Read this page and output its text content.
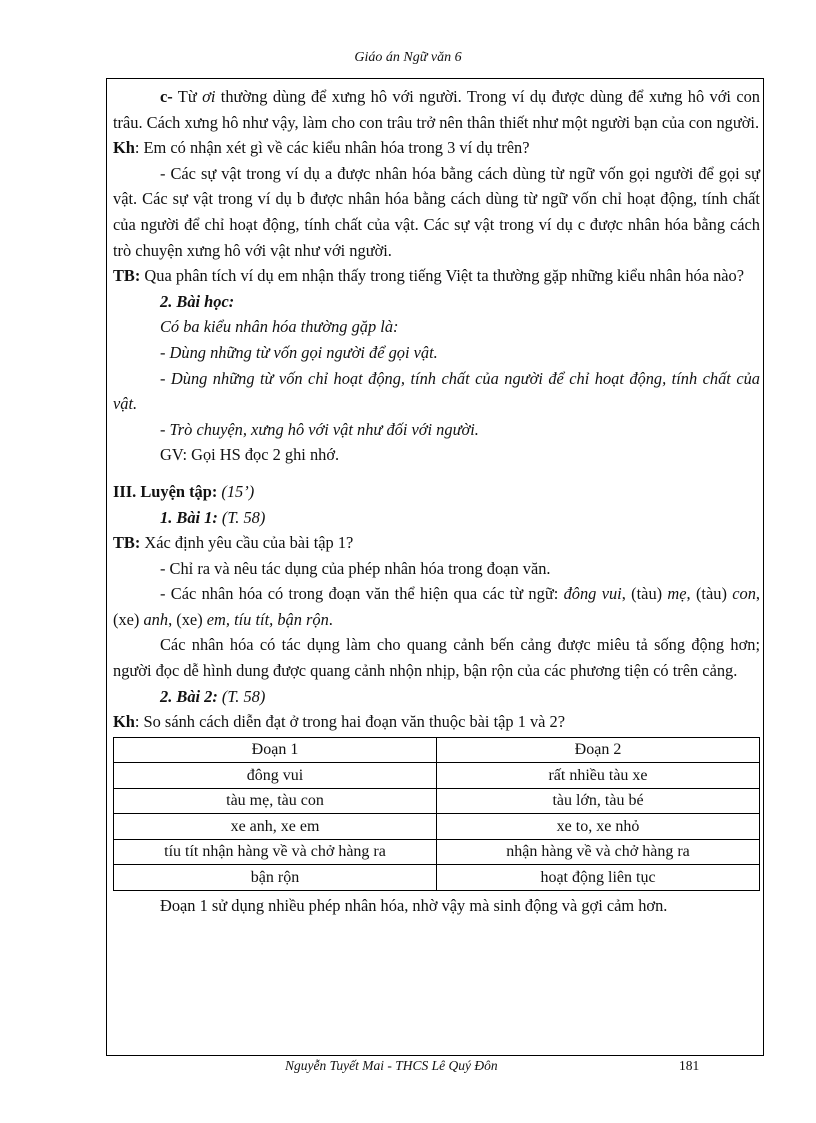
Giáo án Ngữ văn 6

c- Từ ơi thường dùng để xưng hô với người. Trong ví dụ được dùng để xưng hô với con trâu. Cách xưng hô như vậy, làm cho con trâu trở nên thân thiết như một người bạn của con người.

Kh: Em có nhận xét gì về các kiểu nhân hóa trong 3 ví dụ trên?

- Các sự vật trong ví dụ a được nhân hóa bằng cách dùng từ ngữ vốn gọi người để gọi sự vật. Các sự vật trong ví dụ b được nhân hóa bằng cách dùng từ ngữ vốn chỉ hoạt động, tính chất của người để chỉ hoạt động, tính chất của vật. Các sự vật trong ví dụ c được nhân hóa bằng cách trò chuyện xưng hô với vật như với người.

TB: Qua phân tích ví dụ em nhận thấy trong tiếng Việt ta thường gặp những kiểu nhân hóa nào?

2. Bài học:

Có ba kiểu nhân hóa thường gặp là:

- Dùng những từ vốn gọi người để gọi vật.

- Dùng những từ vốn chỉ hoạt động, tính chất của người để chỉ hoạt động, tính chất của vật.

- Trò chuyện, xưng hô với vật như đối với người.

GV: Gọi HS đọc 2 ghi nhớ.

III. Luyện tập: (15’)

1. Bài 1: (T. 58)

TB: Xác định yêu cầu của bài tập 1?

- Chỉ ra và nêu tác dụng của phép nhân hóa trong đoạn văn.

- Các nhân hóa có trong đoạn văn thể hiện qua các từ ngữ: đông vui, (tàu) mẹ, (tàu) con, (xe) anh, (xe) em, tíu tít, bận rộn.

Các nhân hóa có tác dụng làm cho quang cảnh bến cảng được miêu tả sống động hơn; người đọc dễ hình dung được quang cảnh nhộn nhịp, bận rộn của các phương tiện có trên cảng.

2. Bài 2: (T. 58)

Kh: So sánh cách diễn đạt ở trong hai đoạn văn thuộc bài tập 1 và 2?

Đoạn 1	Đoạn 2
đông vui	rất nhiều tàu xe
tàu mẹ, tàu con	tàu lớn, tàu bé
xe anh, xe em	xe to, xe nhỏ
tíu tít nhận hàng về và chở hàng ra	nhận hàng về và chở hàng ra
bận rộn	hoạt động liên tục

Đoạn 1 sử dụng nhiều phép nhân hóa, nhờ vậy mà sinh động và gợi cảm hơn.

Nguyễn Tuyết Mai - THCS Lê Quý Đôn	181
